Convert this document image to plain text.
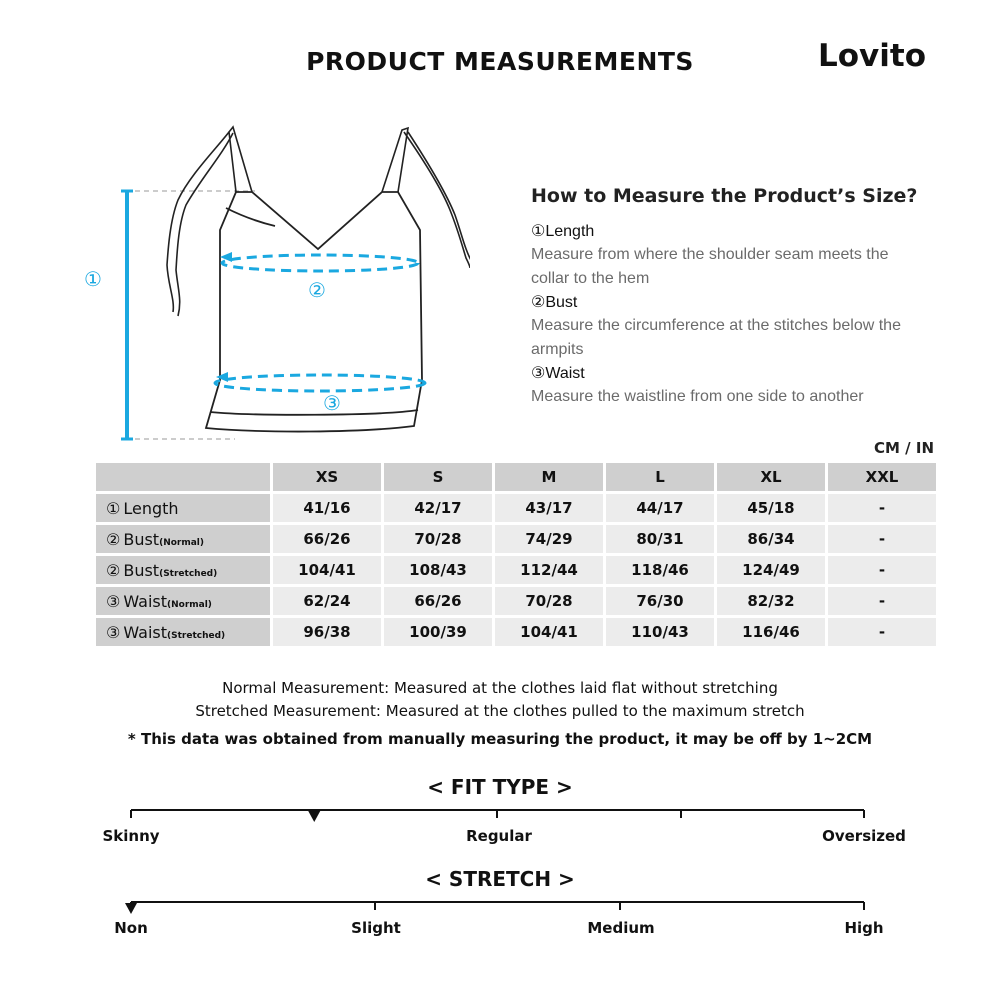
PRODUCT MEASUREMENTS	Lovito
①	②
③
How to Measure the Product’s Size?
①Length
Measure from where the shoulder seam meets the collar to the hem
②Bust
Measure the circumference at the stitches below the armpits
③Waist
Measure the waistline from one side to another
CM / IN
	XS	S	M	L	XL	XXL
① Length	41/16	42/17	43/17	44/17	45/18	-
② Bust(Normal)	66/26	70/28	74/29	80/31	86/34	-
② Bust(Stretched)	104/41	108/43	112/44	118/46	124/49	-
③ Waist(Normal)	62/24	66/26	70/28	76/30	82/32	-
③ Waist(Stretched)	96/38	100/39	104/41	110/43	116/46	-
Normal Measurement: Measured at the clothes laid flat without stretching
Stretched Measurement: Measured at the clothes pulled to the maximum stretch
* This data was obtained from manually measuring the product, it may be off by 1~2CM
< FIT TYPE >
Skinny	Regular	Oversized
< STRETCH >
Non	Slight	Medium	High
